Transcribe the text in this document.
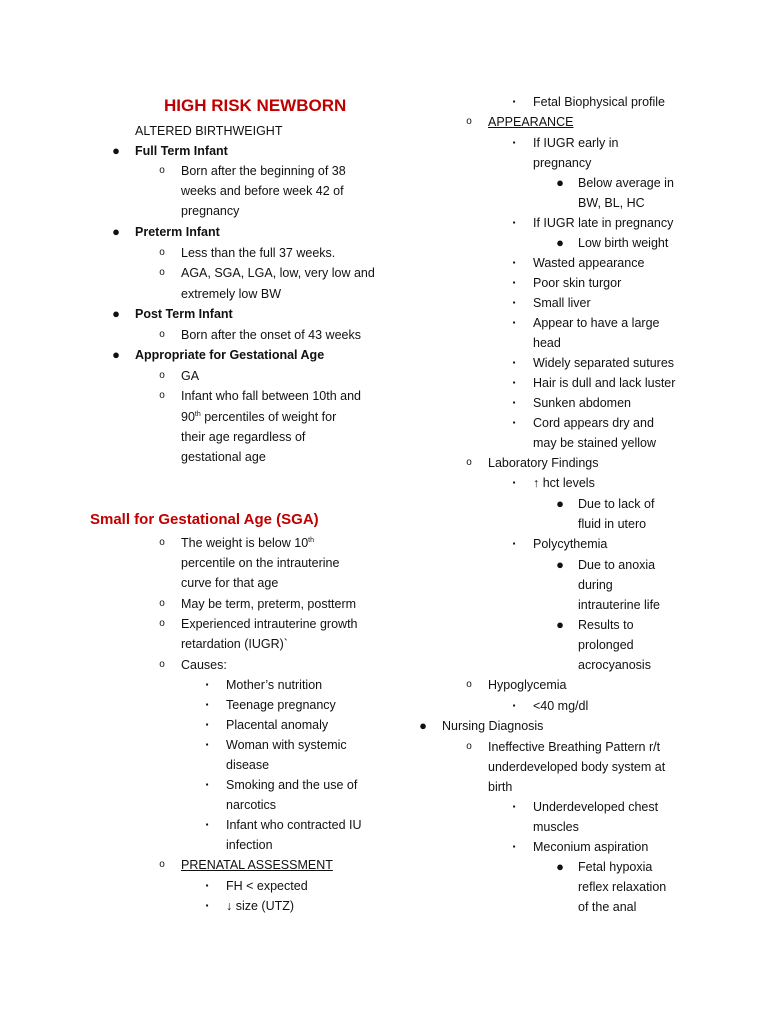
HIGH RISK NEWBORN
ALTERED BIRTHWEIGHT
● Full Term Infant
o Born after the beginning of 38
weeks and before week 42 of
pregnancy
● Preterm Infant
o Less than the full 37 weeks.
o AGA, SGA, LGA, low, very low and
extremely low BW
● Post Term Infant
o Born after the onset of 43 weeks
● Appropriate for Gestational Age
o GA
o Infant who fall between 10th and
90th percentiles of weight for
their age regardless of
gestational age
Small for Gestational Age (SGA)
o The weight is below 10th
percentile on the intrauterine
curve for that age
o May be term, preterm, postterm
o Experienced intrauterine growth
retardation (IUGR)`
o Causes:
▪	Mother’s nutrition
▪	Teenage pregnancy
▪	Placental anomaly
▪	Woman with systemic
disease
▪	Smoking and the use of
narcotics
▪	Infant who contracted IU
infection
o PRENATAL ASSESSMENT
▪	FH < expected
▪	↓ size (UTZ)
▪	Fetal Biophysical profile
o APPEARANCE
▪	If IUGR early in
pregnancy
● Below average in
BW, BL, HC
▪	If IUGR late in pregnancy
● Low birth weight
▪	Wasted appearance
▪	Poor skin turgor
▪	Small liver
▪	Appear to have a large
head
▪	Widely separated sutures
▪	Hair is dull and lack luster
▪	Sunken abdomen
▪	Cord appears dry and
may be stained yellow
o Laboratory Findings
▪	↑ hct levels
● Due to lack of
fluid in utero
▪	Polycythemia
● Due to anoxia
during
intrauterine life
● Results to
prolonged
acrocyanosis
o Hypoglycemia
▪	<40 mg/dl
● Nursing Diagnosis
o Ineffective Breathing Pattern r/t
underdeveloped body system at
birth
▪	Underdeveloped chest
muscles
▪	Meconium aspiration
● Fetal hypoxia
reflex relaxation
of the anal
